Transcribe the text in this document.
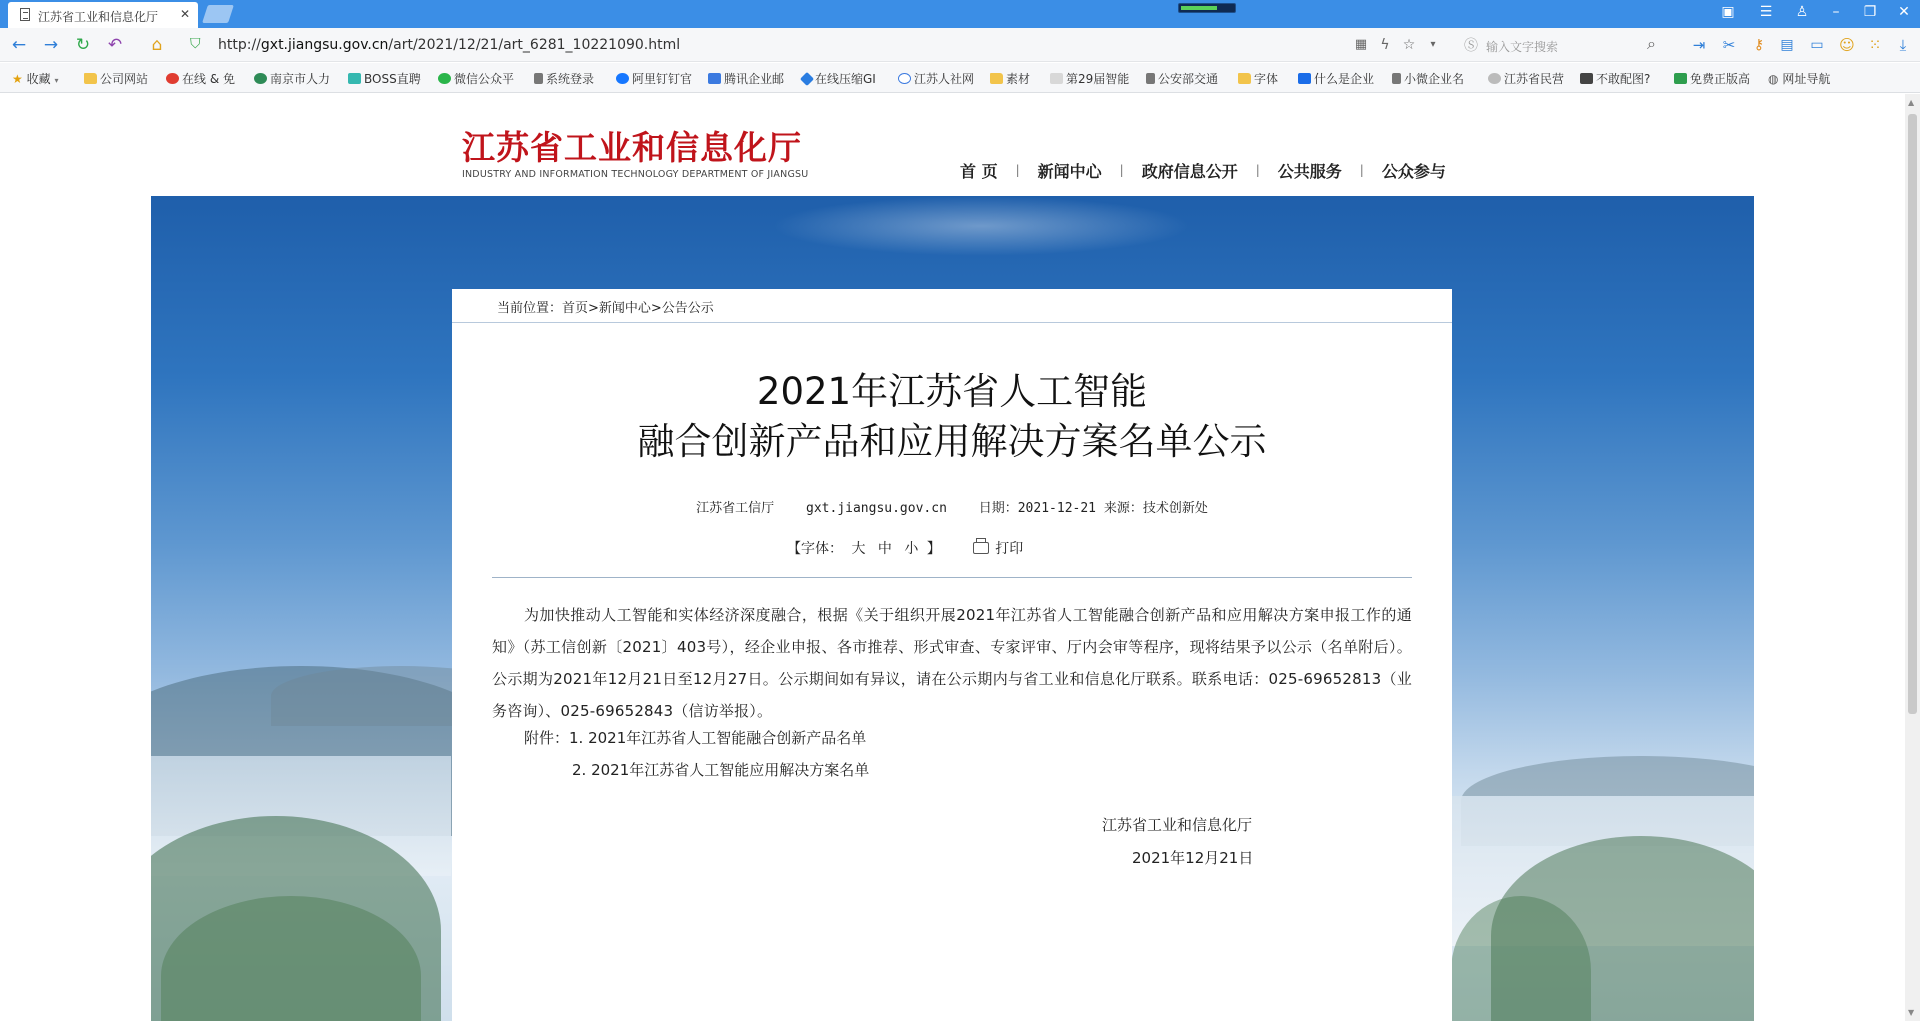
江苏省工业和信息化厅 ✕	▣ ☰ ♙	–	❐ ✕
← → ↻ ↶	⌂	⛉ http://gxt.jiangsu.gov.cn/art/2021/12/21/art_6281_10221090.html	▦ ϟ ☆	▾	Ⓢ 输入文字搜索	⌕	⇥	✂	⚷	▤	▭ ☺ ⁙	⤓
★ 收藏 ▾	公司网站	在线 & 免	南京市人力	BOSS直聘	微信公众平	系统登录	阿里钉钉官	腾讯企业邮	在线压缩GI	江苏人社网	素材	第29届智能	公安部交通	字体	什么是企业	小微企业名	江苏省民营	不敢配图?	免费正版高 ◍ 网址导航
江苏省工业和信息化厅
INDUSTRY AND INFORMATION TECHNOLOGY DEPARTMENT OF JIANGSU	首 页 | 新闻中心 | 政府信息公开 | 公共服务 | 公众参与
当前位置：首页>新闻中心>公告公示
2021年江苏省人工智能
融合创新产品和应用解决方案名单公示
江苏省工信厅 gxt.jiangsu.gov.cn 日期：2021-12-21 来源：技术创新处
【字体： 大 中 小 】	打印
为加快推动人工智能和实体经济深度融合，根据《关于组织开展2021年江苏省人工智能融合创新产品和应用解决方案申报工作的通知》（苏工信创新〔2021〕403号），经企业申报、各市推荐、形式审查、专家评审、厅内会审等程序，现将结果予以公示（名单附后）。公示期为2021年12月21日至12月27日。公示期间如有异议，请在公示期内与省工业和信息化厅联系。联系电话：025-69652813（业务咨询）、025-69652843（信访举报）。
附件：1. 2021年江苏省人工智能融合创新产品名单
2. 2021年江苏省人工智能应用解决方案名单
江苏省工业和信息化厅
2021年12月21日
▲
▼
